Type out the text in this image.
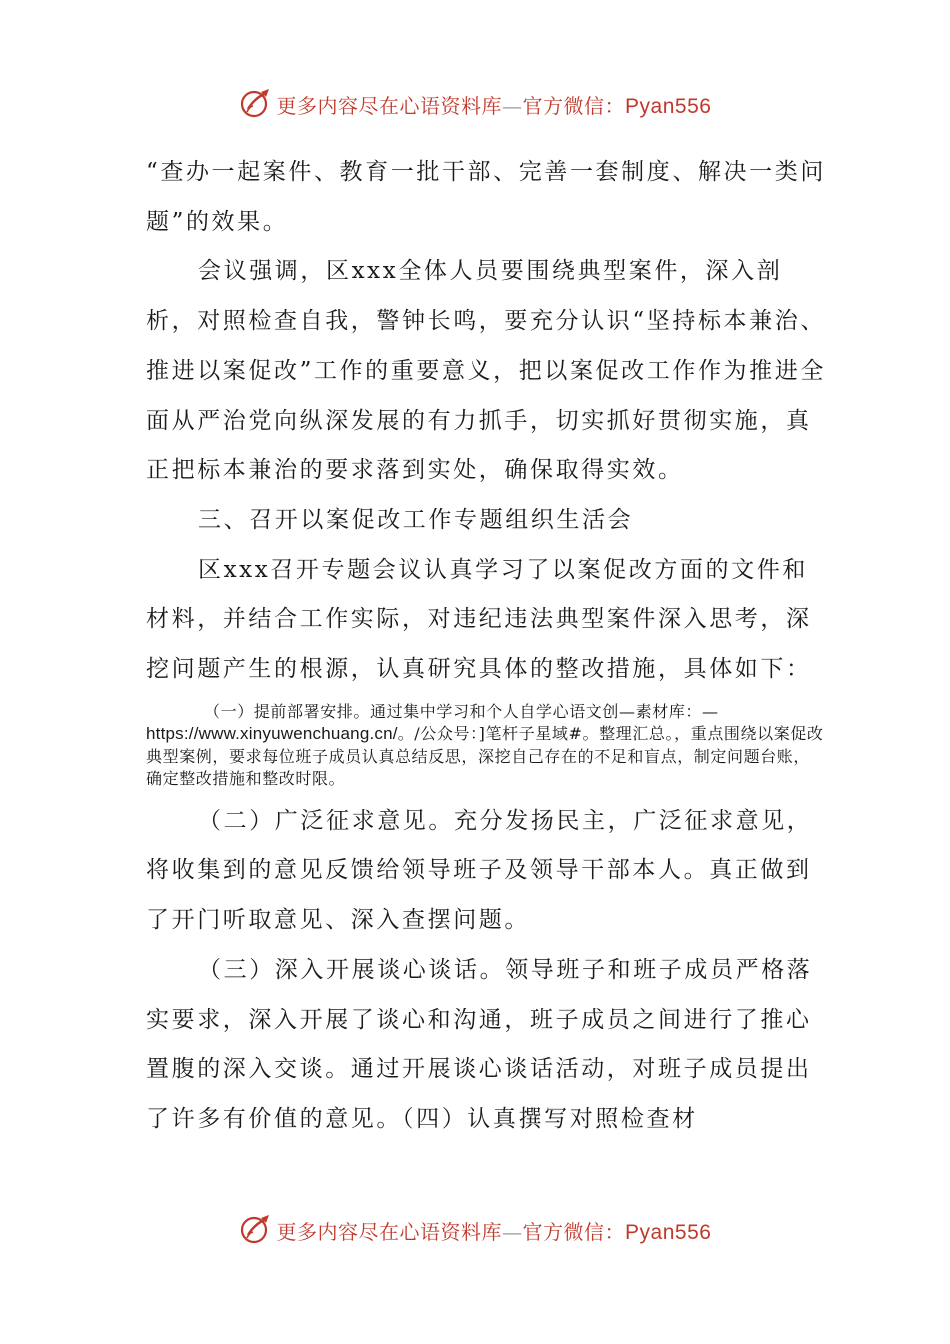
更多内容尽在心语资料库—官方微信：Pyan556

“查办一起案件、教育一批干部、完善一套制度、解决一类问题”的效果。

会议强调，区xxx全体人员要围绕典型案件，深入剖析，对照检查自我，警钟长鸣，要充分认识“坚持标本兼治、推进以案促改”工作的重要意义，把以案促改工作作为推进全面从严治党向纵深发展的有力抓手，切实抓好贯彻实施，真正把标本兼治的要求落到实处，确保取得实效。

三、召开以案促改工作专题组织生活会

区xxx召开专题会议认真学习了以案促改方面的文件和材料，并结合工作实际，对违纪违法典型案件深入思考，深挖问题产生的根源，认真研究具体的整改措施，具体如下：

（一）提前部署安排。通过集中学习和个人自学心语文创—素材库：—https://www.xinyuwenchuang.cn/。/公众号：]笔杆子星域#。整理汇总。，重点围绕以案促改典型案例，要求每位班子成员认真总结反思，深挖自己存在的不足和盲点，制定问题台账，确定整改措施和整改时限。

（二）广泛征求意见。充分发扬民主，广泛征求意见，将收集到的意见反馈给领导班子及领导干部本人。真正做到了开门听取意见、深入查摆问题。

（三）深入开展谈心谈话。领导班子和班子成员严格落实要求，深入开展了谈心和沟通，班子成员之间进行了推心置腹的深入交谈。通过开展谈心谈话活动，对班子成员提出了许多有价值的意见。（四）认真撰写对照检查材

更多内容尽在心语资料库—官方微信：Pyan556
